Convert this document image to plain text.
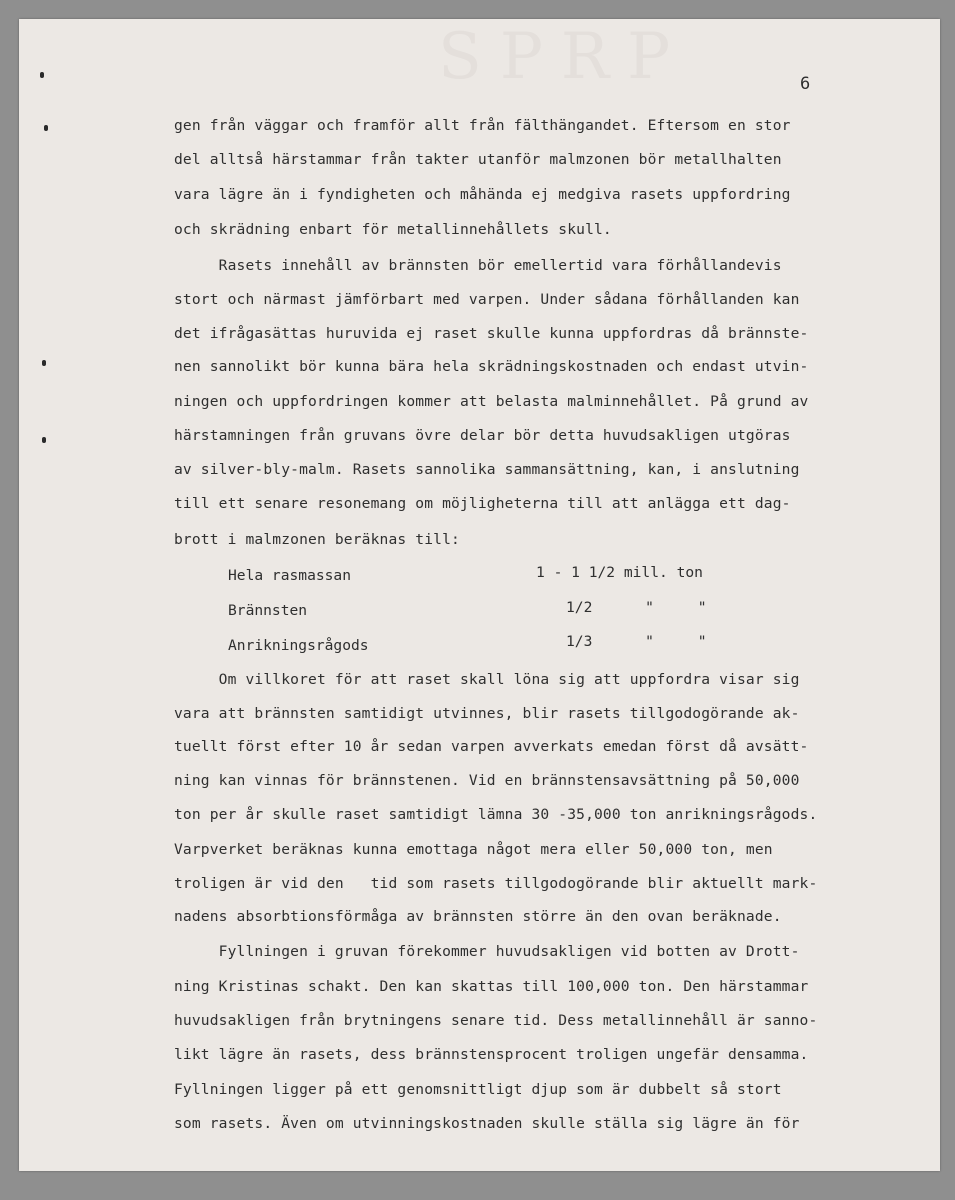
SPRP	6
gen från väggar och framför allt från fälthängandet. Eftersom en stor
del alltså härstammar från takter utanför malmzonen bör metallhalten
vara lägre än i fyndigheten och måhända ej medgiva rasets uppfordring
och skrädning enbart för metallinnehållets skull.
Rasets innehåll av brännsten bör emellertid vara förhållandevis
stort och närmast jämförbart med varpen. Under sådana förhållanden kan
det ifrågasättas huruvida ej raset skulle kunna uppfordras då brännste-
nen sannolikt bör kunna bära hela skrädningskostnaden och endast utvin-
ningen och uppfordringen kommer att belasta malminnehållet. På grund av
härstamningen från gruvans övre delar bör detta huvudsakligen utgöras
av silver-bly-malm. Rasets sannolika sammansättning, kan, i anslutning
till ett senare resonemang om möjligheterna till att anlägga ett dag-
brott i malmzonen beräknas till:
Hela rasmassan	1 - 1 1/2 mill. ton
Brännsten	1/2      "     "
Anrikningsrågods	1/3      "     "
Om villkoret för att raset skall löna sig att uppfordra visar sig
vara att brännsten samtidigt utvinnes, blir rasets tillgodogörande ak-
tuellt först efter 10 år sedan varpen avverkats emedan först då avsätt-
ning kan vinnas för brännstenen. Vid en brännstensavsättning på 50,000
ton per år skulle raset samtidigt lämna 30 -35,000 ton anrikningsrågods.
Varpverket beräknas kunna emottaga något mera eller 50,000 ton, men
troligen är vid den   tid som rasets tillgodogörande blir aktuellt mark-
nadens absorbtionsförmåga av brännsten större än den ovan beräknade.
Fyllningen i gruvan förekommer huvudsakligen vid botten av Drott-
ning Kristinas schakt. Den kan skattas till 100,000 ton. Den härstammar
huvudsakligen från brytningens senare tid. Dess metallinnehåll är sanno-
likt lägre än rasets, dess brännstensprocent troligen ungefär densamma.
Fyllningen ligger på ett genomsnittligt djup som är dubbelt så stort
som rasets. Även om utvinningskostnaden skulle ställa sig lägre än för
